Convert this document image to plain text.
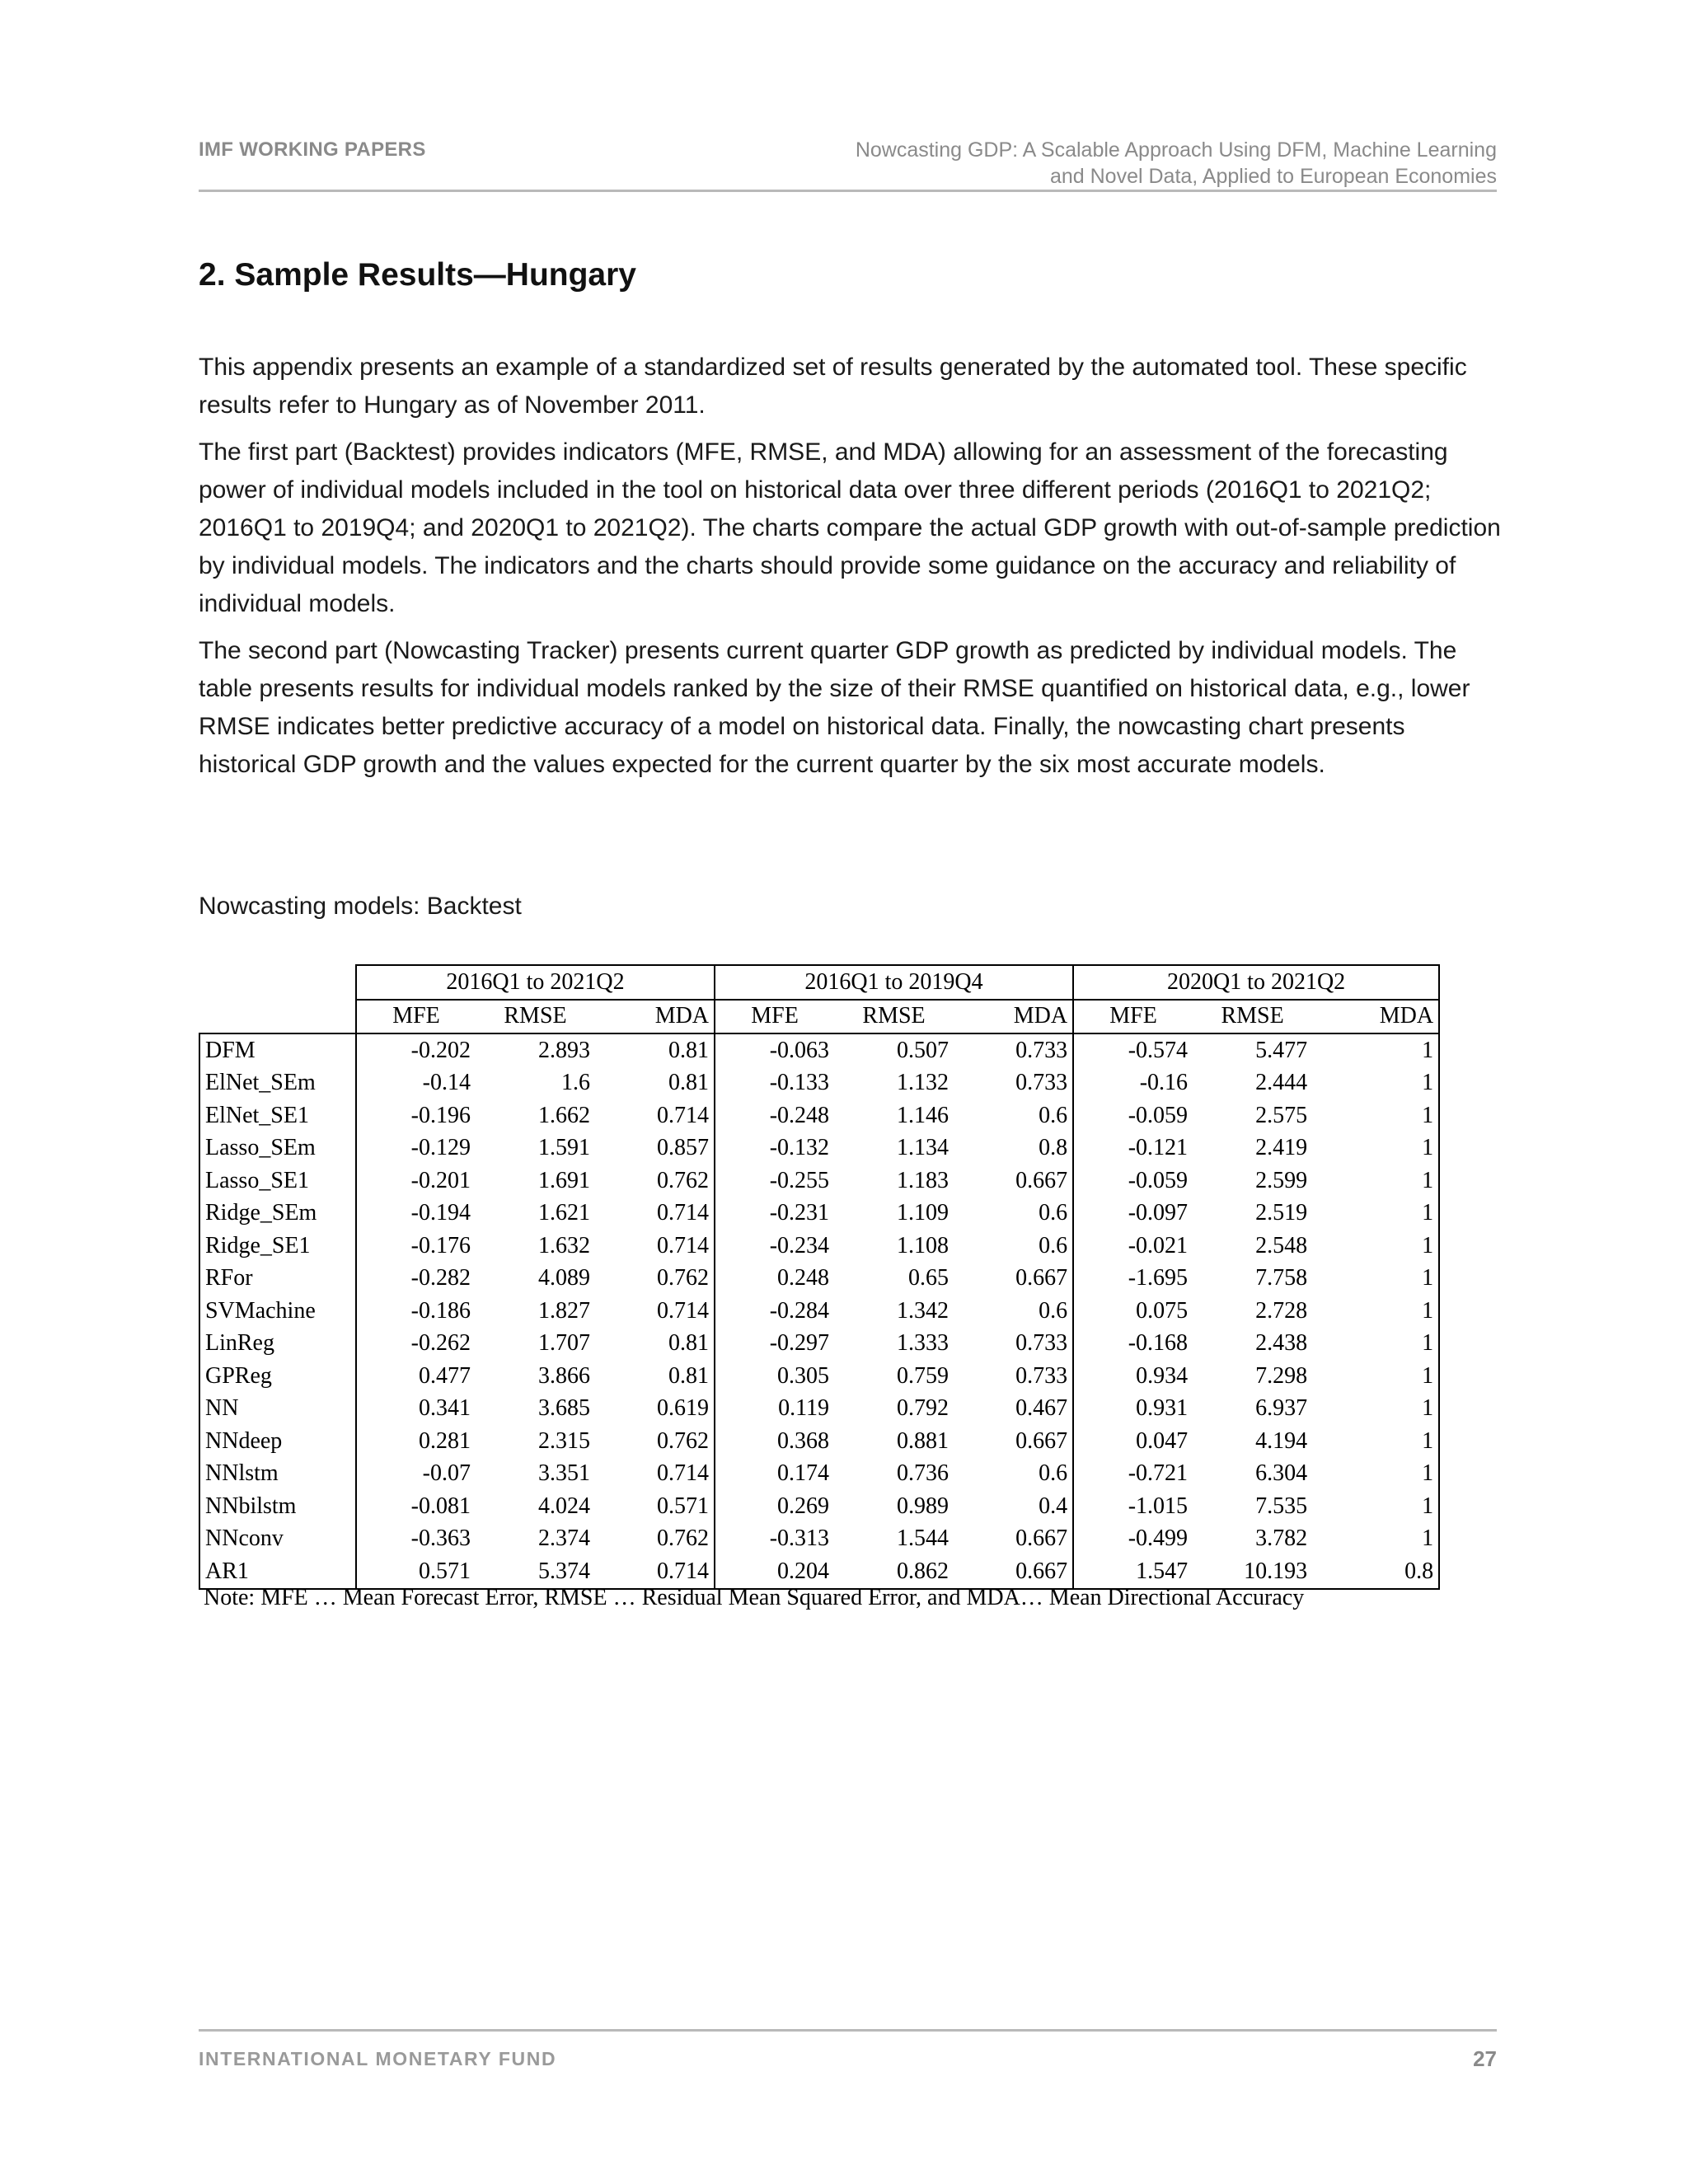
IMF WORKING PAPERS	Nowcasting GDP: A Scalable Approach Using DFM, Machine Learning
and Novel Data, Applied to European Economies
2. Sample Results—Hungary

This appendix presents an example of a standardized set of results generated by the automated tool. These specific results refer to Hungary as of November 2011.

The first part (Backtest) provides indicators (MFE, RMSE, and MDA) allowing for an assessment of the forecasting power of individual models included in the tool on historical data over three different periods (2016Q1 to 2021Q2; 2016Q1 to 2019Q4; and 2020Q1 to 2021Q2). The charts compare the actual GDP growth with out-of-sample prediction by individual models. The indicators and the charts should provide some guidance on the accuracy and reliability of individual models.

The second part (Nowcasting Tracker) presents current quarter GDP growth as predicted by individual models. The table presents results for individual models ranked by the size of their RMSE quantified on historical data, e.g., lower RMSE indicates better predictive accuracy of a model on historical data. Finally, the nowcasting chart presents historical GDP growth and the values expected for the current quarter by the six most accurate models.

Nowcasting models: Backtest
	2016Q1 to 2021Q2			2016Q1 to 2019Q4			2020Q1 to 2021Q2		
	MFE	RMSE	MDA	MFE	RMSE	MDA	MFE	RMSE	MDA
DFM	-0.202	2.893	0.81	-0.063	0.507	0.733	-0.574	5.477	1
ElNet_SEm	-0.14	1.6	0.81	-0.133	1.132	0.733	-0.16	2.444	1
ElNet_SE1	-0.196	1.662	0.714	-0.248	1.146	0.6	-0.059	2.575	1
Lasso_SEm	-0.129	1.591	0.857	-0.132	1.134	0.8	-0.121	2.419	1
Lasso_SE1	-0.201	1.691	0.762	-0.255	1.183	0.667	-0.059	2.599	1
Ridge_SEm	-0.194	1.621	0.714	-0.231	1.109	0.6	-0.097	2.519	1
Ridge_SE1	-0.176	1.632	0.714	-0.234	1.108	0.6	-0.021	2.548	1
RFor	-0.282	4.089	0.762	0.248	0.65	0.667	-1.695	7.758	1
SVMachine	-0.186	1.827	0.714	-0.284	1.342	0.6	0.075	2.728	1
LinReg	-0.262	1.707	0.81	-0.297	1.333	0.733	-0.168	2.438	1
GPReg	0.477	3.866	0.81	0.305	0.759	0.733	0.934	7.298	1
NN	0.341	3.685	0.619	0.119	0.792	0.467	0.931	6.937	1
NNdeep	0.281	2.315	0.762	0.368	0.881	0.667	0.047	4.194	1
NNlstm	-0.07	3.351	0.714	0.174	0.736	0.6	-0.721	6.304	1
NNbilstm	-0.081	4.024	0.571	0.269	0.989	0.4	-1.015	7.535	1
NNconv	-0.363	2.374	0.762	-0.313	1.544	0.667	-0.499	3.782	1
AR1	0.571	5.374	0.714	0.204	0.862	0.667	1.547	10.193	0.8
Note: MFE … Mean Forecast Error, RMSE … Residual Mean Squared Error, and MDA… Mean Directional Accuracy
INTERNATIONAL MONETARY FUND	27
